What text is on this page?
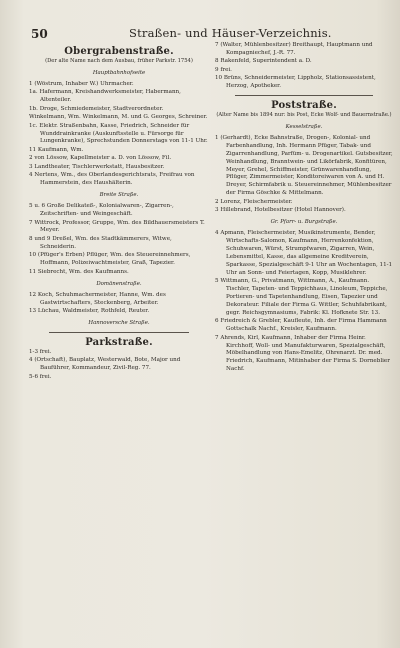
50	Straßen- und Häuser-Verzeichnis.
Obergrabenstraße.
(Der alte Name nach dem Ausbau, früher Parkstr. 1754)
Hauptbahnhofseite
1 (Wöstrum, Inhaber W.) Uhrmacher.
1a. Hafermann, Kreishandwerksmeister, Habermann, Altenteiler.
1b. Droge, Schmiedemeister, Stadtverordneter.
Winkelmann, Wm. Winkelmann, M. und G. Georges, Schreiner.
1c. Elektr. Straßenbahn, Kasse, Friedrich, Schneider für Wunddrainkranke (Auskunftsstelle u. Fürsorge für Lungenkranke), Sprechstunden Donnerstags von 11-1 Uhr.
11 Kaufmann, Wm.
2 von Lössow, Kapellmeister a. D. von Lössow, Fil.
3 Landtheater, Tischlerwerkstatt, Hausbesitzer.
4 Nertens, Wm., des Oberlandesgerichtsrats, Freifrau von Hammerstein, des Haushälterin.
Breite Straße.
5 u. 6 Große Delikateß-, Kolonialwaren-, Zigarren-, Zeitschriften- und Weingeschäft.
7 Wittrock, Professor, Gruppe, Wm. des Bildhauersmeisters T. Meyer.
8 und 9 Dreßel, Wm. des Stadtkämmerers, Witwe, Schneiderin.
10 (Pfüger's Erben) Pflüger, Wm. des Steuereinnehmers, Hoffmann, Polizeiwachtmeister, Graß, Tapezier.
11 Siebrecht, Wm. des Kaufmanns.
Domänenstraße.
12 Koch, Schuhmachermeister, Hanne, Wm. des Gastwirtschafters, Steckenberg, Arbeiter.
13 Lüchau, Waldmeister, Rothfeld, Reuter.
Hannoversche Straße.
Parkstraße.
1-3 frei.
4 (Ortschaft), Bauplatz, Westerwald, Bote, Major und Bauführer, Kommandeur, Zivil-Reg. 77.
5-6 frei.
7 (Walter, Mühlenbesitzer) Breithaupt, Hauptmann und Kompagniechef, J.-R. 77.
8 Rakenfeld, Superintendent a. D.
9 frei.
10 Brüns, Schneidermeister, Lippholz, Stationsassistent, Herzog, Apotheker.
Poststraße.
(Alter Name bis 1894 nur: bis Post, Ecke Wolf- und Bauernstraße.)
Kesselstraße.
1 (Gerhardt), Ecke Bahnstraße, Drogen-, Kolonial- und Farbenhandlung, Inh. Hermann Pfüger, Tabak- und Zigarrenhandlung, Parfüm- u. Drogenartikel. Gutsbesitzer, Weinhandlung, Branntwein- und Likörfabrik, Konfitüren, Meyer, Grehel, Schiffmeister, Grünwarenhandlung, Pflüger, Zimmermeister, Konditoreiwaren von A. und H. Dreyer, Schirmfabrik u. Steuereinnehmer, Mühlenbesitzer der Firma Göschke & Mittelmann.
2 Lorenz, Fleischermeister.
3 Hillebrand, Hotelbesitzer (Hotel Hannover).
Gr. Pfarr- u. Burgstraße.
4 Apmann, Fleischermeister, Musikinstrumente, Bender, Wirtschafts-Salomon, Kaufmann, Herrenkonfektion, Schuhwaren, Würst, Strumpfwaren, Zigarren, Wein, Lebensmittel, Kasse, das allgemeine Kreditverein, Sparkasse, Spezialgeschäft 9-1 Uhr an Wochentagen, 11-1 Uhr an Sonn- und Feiertagen, Kopp, Musiklehrer.
5 Wittmann, G., Privatmann, Wittmann, A., Kaufmann. Tischler, Tapeten- und Teppichhaus, Linoleum, Teppiche, Portieren- und Tapetenhandlung, Eisen, Tapezier und Dekorateur. Filiale der Firma G. Wittler, Schuhfabrikant, gegr. Reichsgymnasiums, Fabrik: Kl. Hofknete Str. 13.
6 Friedreich & Grebler, Kaufleute, Inh. der Firma Hammann Gottschalk Nachf., Kreisler, Kaufmann.
7 Ahrends, Kirl, Kaufmann, Inhaber der Firma Heinr. Kirchhoff, Woll- und Manufakturwaren, Spezialgeschäft, Möbelhandlung von Hans-Emelitz, Ohrenarzt. Dr. med. Friedrich, Kaufmann, Mitinhaber der Firma S. Dorneblier Nachf.
